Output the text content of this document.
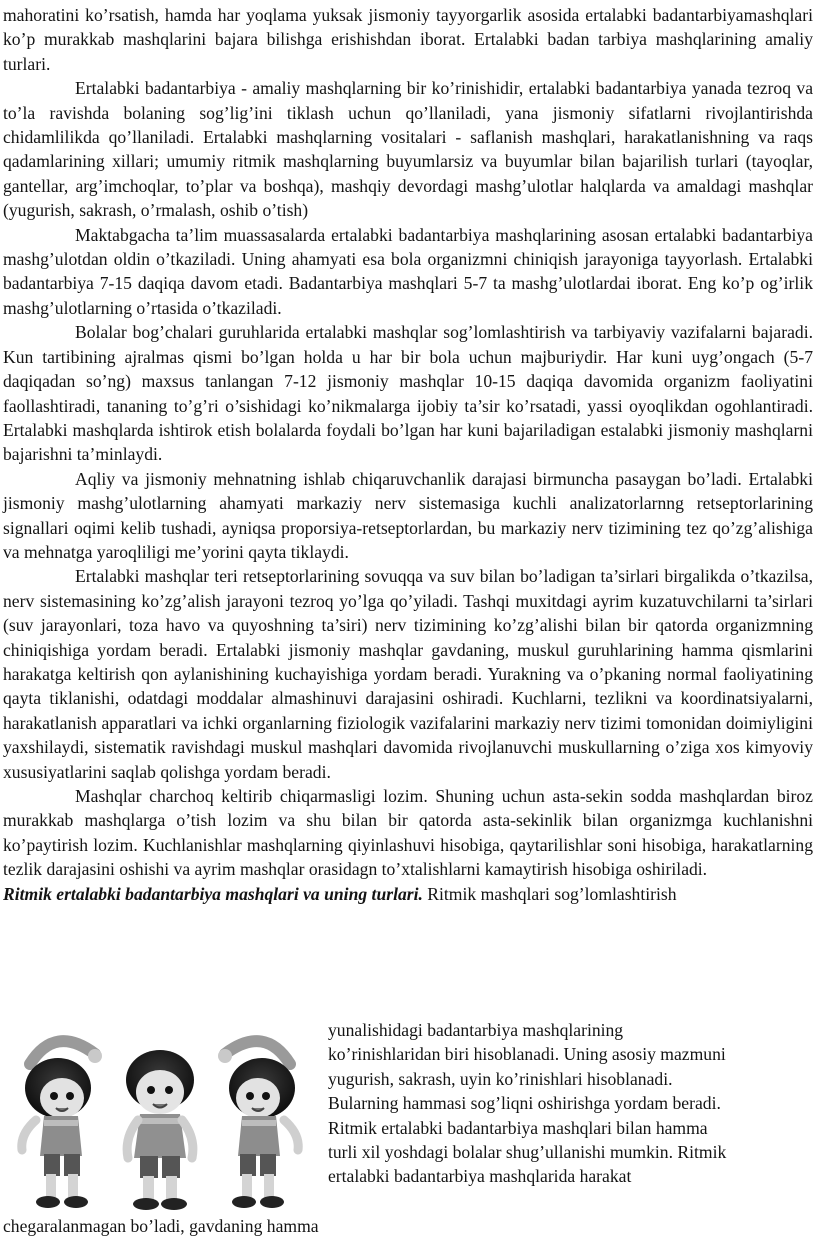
mahoratini ko’rsatish, hamda har yoqlama yuksak jismoniy tayyorgarlik asosida ertalabki badantarbiyamashqlari ko’p murakkab mashqlarini bajara bilishga erishishdan iborat. Ertalabki badan tarbiya mashqlarining amaliy turlari.

Ertalabki badantarbiya - amaliy mashqlarning bir ko’rinishidir, ertalabki badantarbiya yanada tezroq va to’la ravishda bolaning sog’lig’ini tiklash uchun qo’llaniladi, yana jismoniy sifatlarni rivojlantirishda chidamlilikda qo’llaniladi. Ertalabki mashqlarning vositalari - saflanish mashqlari, harakatlanishning va raqs qadamlarining xillari; umumiy ritmik mashqlarning buyumlarsiz va buyumlar bilan bajarilish turlari (tayoqlar, gantellar, arg’imchoqlar, to’plar va boshqa), mashqiy devordagi mashg’ulotlar halqlarda va amaldagi mashqlar (yugurish, sakrash, o’rmalash, oshib o’tish)

Maktabgacha ta’lim muassasalarda ertalabki badantarbiya mashqlarining asosan ertalabki badantarbiya mashg’ulotdan oldin o’tkaziladi. Uning ahamyati esa bola organizmni chiniqish jarayoniga tayyorlash. Ertalabki badantarbiya 7-15 daqiqa davom etadi. Badantarbiya mashqlari 5-7 ta mashg’ulotlardai iborat. Eng ko’p og’irlik mashg’ulotlarning o’rtasida o’tkaziladi.

Bolalar bog’chalari guruhlarida ertalabki mashqlar sog’lomlashtirish va tarbiyaviy vazifalarni bajaradi. Kun tartibining ajralmas qismi bo’lgan holda u har bir bola uchun majburiydir. Har kuni uyg’ongach (5-7 daqiqadan so’ng) maxsus tanlangan 7-12 jismoniy mashqlar 10-15 daqiqa davomida organizm faoliyatini faollashtiradi, tananing to’g’ri o’sishidagi ko’nikmalarga ijobiy ta’sir ko’rsatadi, yassi oyoqlikdan ogohlantiradi. Ertalabki mashqlarda ishtirok etish bolalarda foydali bo’lgan har kuni bajariladigan estalabki jismoniy mashqlarni bajarishni ta’minlaydi.

Aqliy va jismoniy mehnatning ishlab chiqaruvchanlik darajasi birmuncha pasaygan bo’ladi. Ertalabki jismoniy mashg’ulotlarning ahamyati markaziy nerv sistemasiga kuchli analizatorlarnng retseptorlarining signallari oqimi kelib tushadi, ayniqsa proporsiya-retseptorlardan, bu markaziy nerv tizimining tez qo’zg’alishiga va mehnatga yaroqliligi me’yorini qayta tiklaydi.

Ertalabki mashqlar teri retseptorlarining sovuqqa va suv bilan bo’ladigan ta’sirlari birgalikda o’tkazilsa, nerv sistemasining ko’zg’alish jarayoni tezroq yo’lga qo’yiladi. Tashqi muxitdagi ayrim kuzatuvchilarni ta’sirlari (suv jarayonlari, toza havo va quyoshning ta’siri) nerv tizimining ko’zg’alishi bilan bir qatorda organizmning chiniqishiga yordam beradi. Ertalabki jismoniy mashqlar gavdaning, muskul guruhlarining hamma qismlarini harakatga keltirish qon aylanishining kuchayishiga yordam beradi. Yurakning va o’pkaning normal faoliyatining qayta tiklanishi, odatdagi moddalar almashinuvi darajasini oshiradi. Kuchlarni, tezlikni va koordinatsiyalarni, harakatlanish apparatlari va ichki organlarning fiziologik vazifalarini markaziy nerv tizimi tomonidan doimiyligini yaxshilaydi, sistematik ravishdagi muskul mashqlari davomida rivojlanuvchi muskullarning o’ziga xos kimyoviy xususiyatlarini saqlab qolishga yordam beradi.

Mashqlar charchoq keltirib chiqarmasligi lozim. Shuning uchun asta-sekin sodda mashqlardan biroz murakkab mashqlarga o’tish lozim va shu bilan bir qatorda asta-sekinlik bilan organizmga kuchlanishni ko’paytirish lozim. Kuchlanishlar mashqlarning qiyinlashuvi hisobiga, qaytarilishlar soni hisobiga, harakatlarning tezlik darajasini oshishi va ayrim mashqlar orasidagn to’xtalishlarni kamaytirish hisobiga oshiriladi.

Ritmik ertalabki badantarbiya mashqlari va uning turlari. Ritmik mashqlari sog’lomlashtirish

yunalishidagi badantarbiya mashqlarining
ko’rinishlaridan biri hisoblanadi. Uning asosiy mazmuni
yugurish, sakrash, uyin ko’rinishlari hisoblanadi.
Bularning hammasi sog’liqni oshirishga yordam beradi.
Ritmik ertalabki badantarbiya mashqlari bilan hamma
turli xil yoshdagi bolalar shug’ullanishi mumkin. Ritmik
ertalabki badantarbiya mashqlarida harakat
chegaralanmagan bo’ladi, gavdaning hamma
